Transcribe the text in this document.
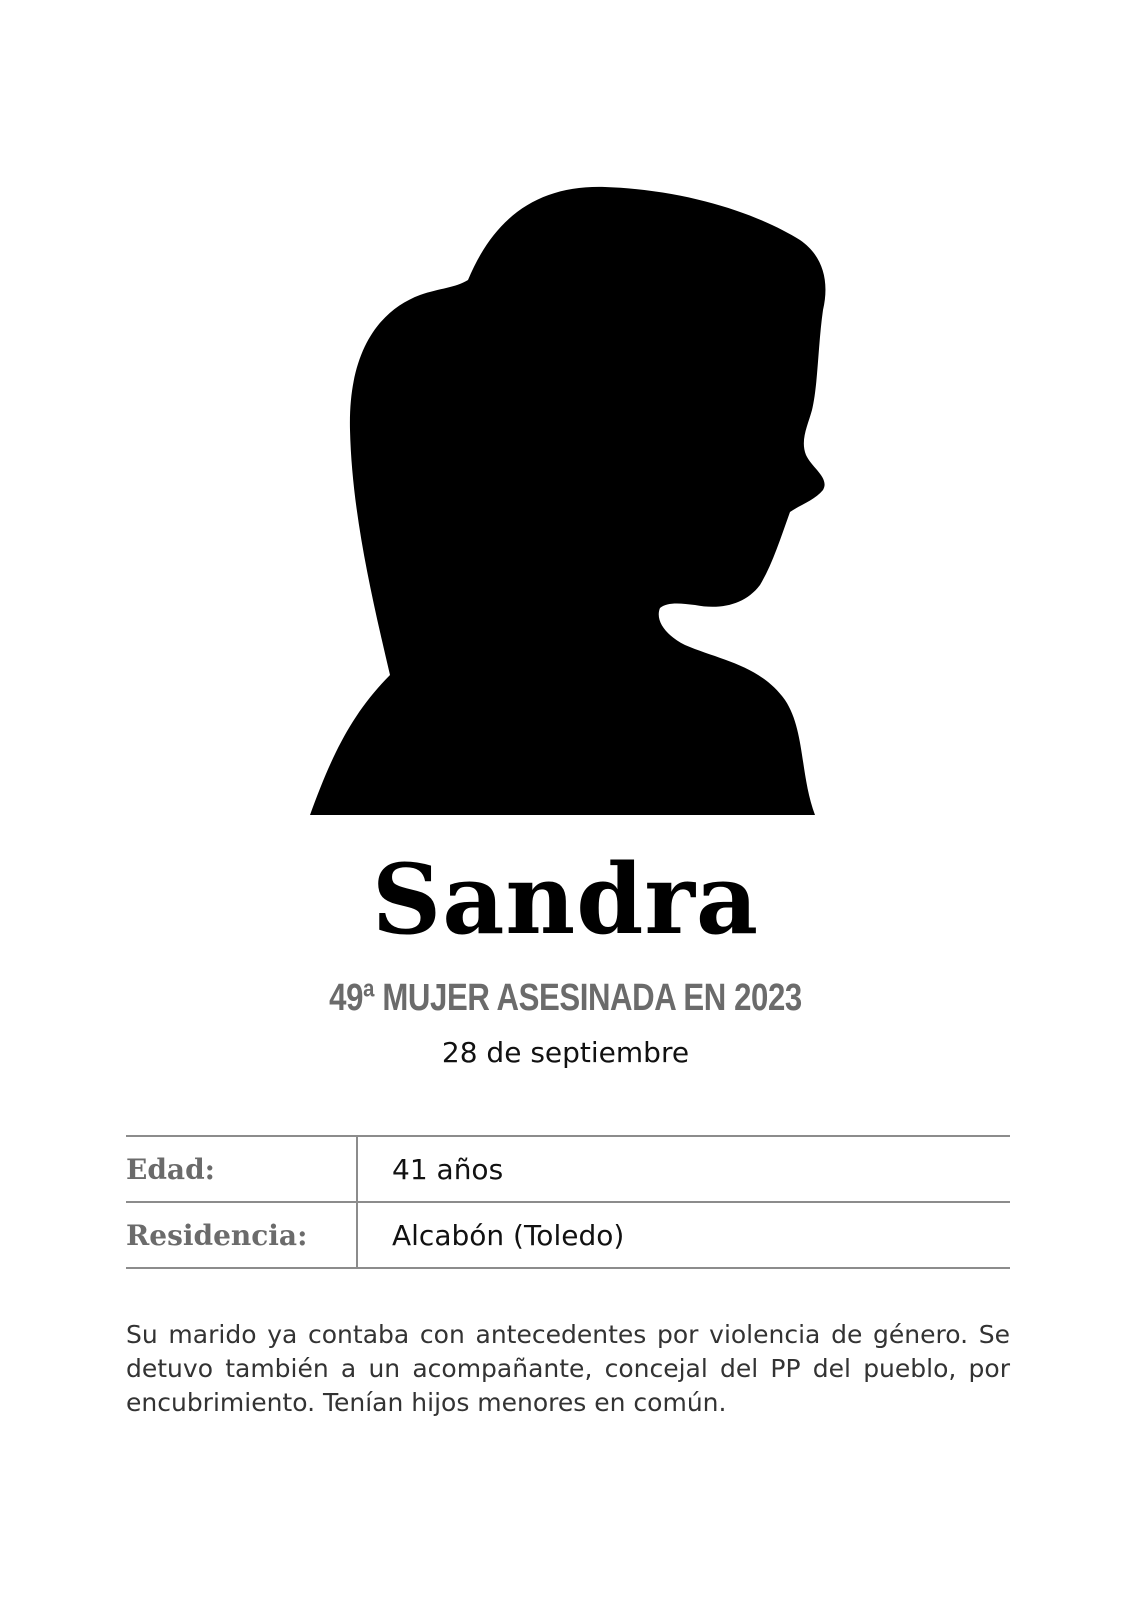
Sandra
49ª MUJER ASESINADA EN 2023
28 de septiembre
Edad:	41 años
Residencia:	Alcabón (Toledo)
Su marido ya contaba con antecedentes por violencia de género. Se detuvo también a un acompañante, concejal del PP del pueblo, por encubrimiento. Tenían hijos menores en común.
